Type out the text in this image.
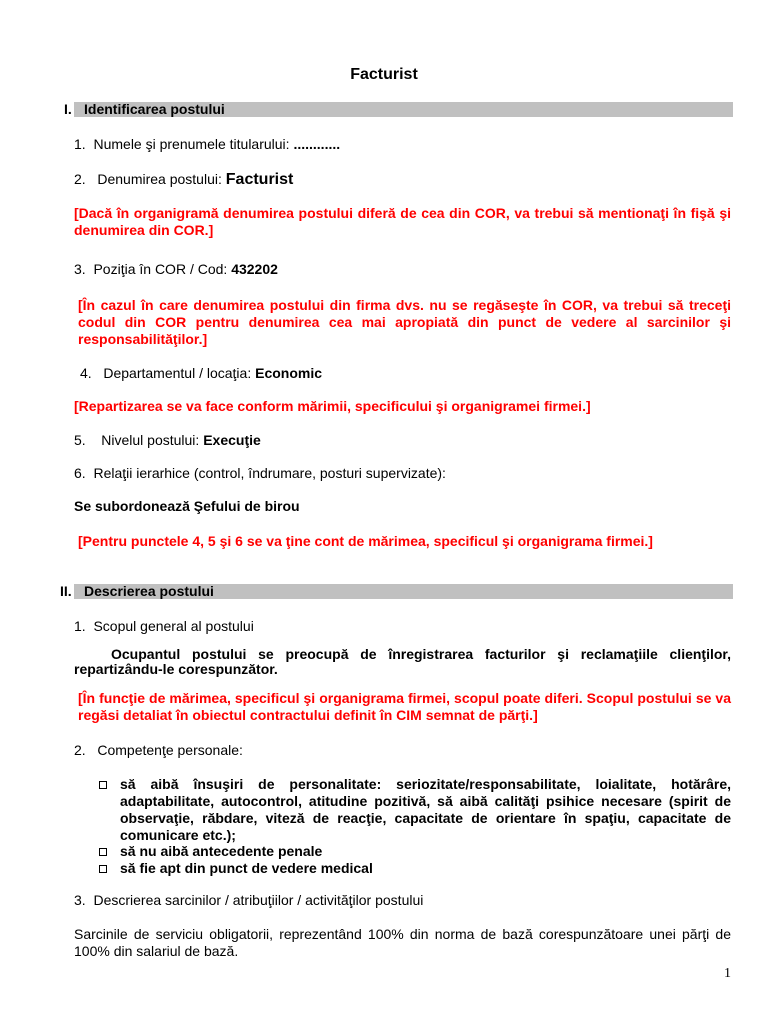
Facturist
I. Identificarea postului
1. Numele şi prenumele titularului: ............
2. Denumirea postului: Facturist

[Dacă în organigramă denumirea postului diferă de cea din COR, va trebui să mentionaţi în fişă şi denumirea din COR.]

3. Poziţia în COR / Cod: 432202

[În cazul în care denumirea postului din firma dvs. nu se regăseşte în COR, va trebui să treceţi codul din COR pentru denumirea cea mai apropiată din punct de vedere al sarcinilor şi responsabilităţilor.]

4. Departamentul / locaţia: Economic

[Repartizarea se va face conform mărimii, specificului şi organigramei firmei.]

5. Nivelul postului: Execuţie
6. Relaţii ierarhice (control, îndrumare, posturi supervizate):

Se subordonează Şefului de birou

[Pentru punctele 4, 5 şi 6 se va ţine cont de mărimea, specificul şi organigrama firmei.]

II. Descrierea postului
1. Scopul general al postului

Ocupantul postului se preocupă de înregistrarea facturilor şi reclamaţiile clienţilor, repartizându-le corespunzător.

[În funcţie de mărimea, specificul şi organigrama firmei, scopul poate diferi. Scopul postului se va regăsi detaliat în obiectul contractului definit în CIM semnat de părţi.]

2. Competenţe personale:

să aibă însuşiri de personalitate: seriozitate/responsabilitate, loialitate, hotărâre, adaptabilitate, autocontrol, atitudine pozitivă, să aibă calităţi psihice necesare (spirit de observaţie, răbdare, viteză de reacţie, capacitate de orientare în spaţiu, capacitate de comunicare etc.);

să nu aibă antecedente penale

să fie apt din punct de vedere medical

3. Descrierea sarcinilor / atribuţiilor / activităţilor postului

Sarcinile de serviciu obligatorii, reprezentând 100% din norma de bază corespunzătoare unei părţi de 100% din salariul de bază.

1
